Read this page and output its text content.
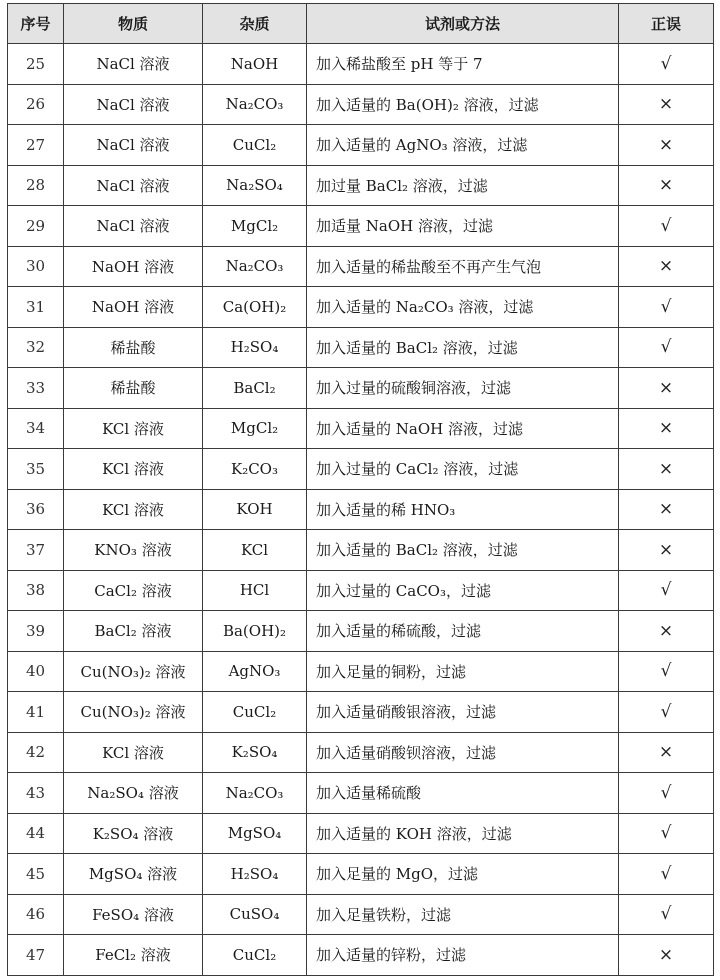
序号	物质	杂质	试剂或方法	正误
25	NaCl 溶液	NaOH	加入稀盐酸至 pH 等于 7	√
26	NaCl 溶液	Na₂CO₃	加入适量的 Ba(OH)₂ 溶液，过滤	×
27	NaCl 溶液	CuCl₂	加入适量的 AgNO₃ 溶液，过滤	×
28	NaCl 溶液	Na₂SO₄	加过量 BaCl₂ 溶液，过滤	×
29	NaCl 溶液	MgCl₂	加适量 NaOH 溶液，过滤	√
30	NaOH 溶液	Na₂CO₃	加入适量的稀盐酸至不再产生气泡	×
31	NaOH 溶液	Ca(OH)₂	加入适量的 Na₂CO₃ 溶液，过滤	√
32	稀盐酸	H₂SO₄	加入适量的 BaCl₂ 溶液，过滤	√
33	稀盐酸	BaCl₂	加入过量的硫酸铜溶液，过滤	×
34	KCl 溶液	MgCl₂	加入适量的 NaOH 溶液，过滤	×
35	KCl 溶液	K₂CO₃	加入过量的 CaCl₂ 溶液，过滤	×
36	KCl 溶液	KOH	加入适量的稀 HNO₃	×
37	KNO₃ 溶液	KCl	加入适量的 BaCl₂ 溶液，过滤	×
38	CaCl₂ 溶液	HCl	加入过量的 CaCO₃，过滤	√
39	BaCl₂ 溶液	Ba(OH)₂	加入适量的稀硫酸，过滤	×
40	Cu(NO₃)₂ 溶液	AgNO₃	加入足量的铜粉，过滤	√
41	Cu(NO₃)₂ 溶液	CuCl₂	加入适量硝酸银溶液，过滤	√
42	KCl 溶液	K₂SO₄	加入适量硝酸钡溶液，过滤	×
43	Na₂SO₄ 溶液	Na₂CO₃	加入适量稀硫酸	√
44	K₂SO₄ 溶液	MgSO₄	加入适量的 KOH 溶液，过滤	√
45	MgSO₄ 溶液	H₂SO₄	加入足量的 MgO，过滤	√
46	FeSO₄ 溶液	CuSO₄	加入足量铁粉，过滤	√
47	FeCl₂ 溶液	CuCl₂	加入适量的锌粉，过滤	×
